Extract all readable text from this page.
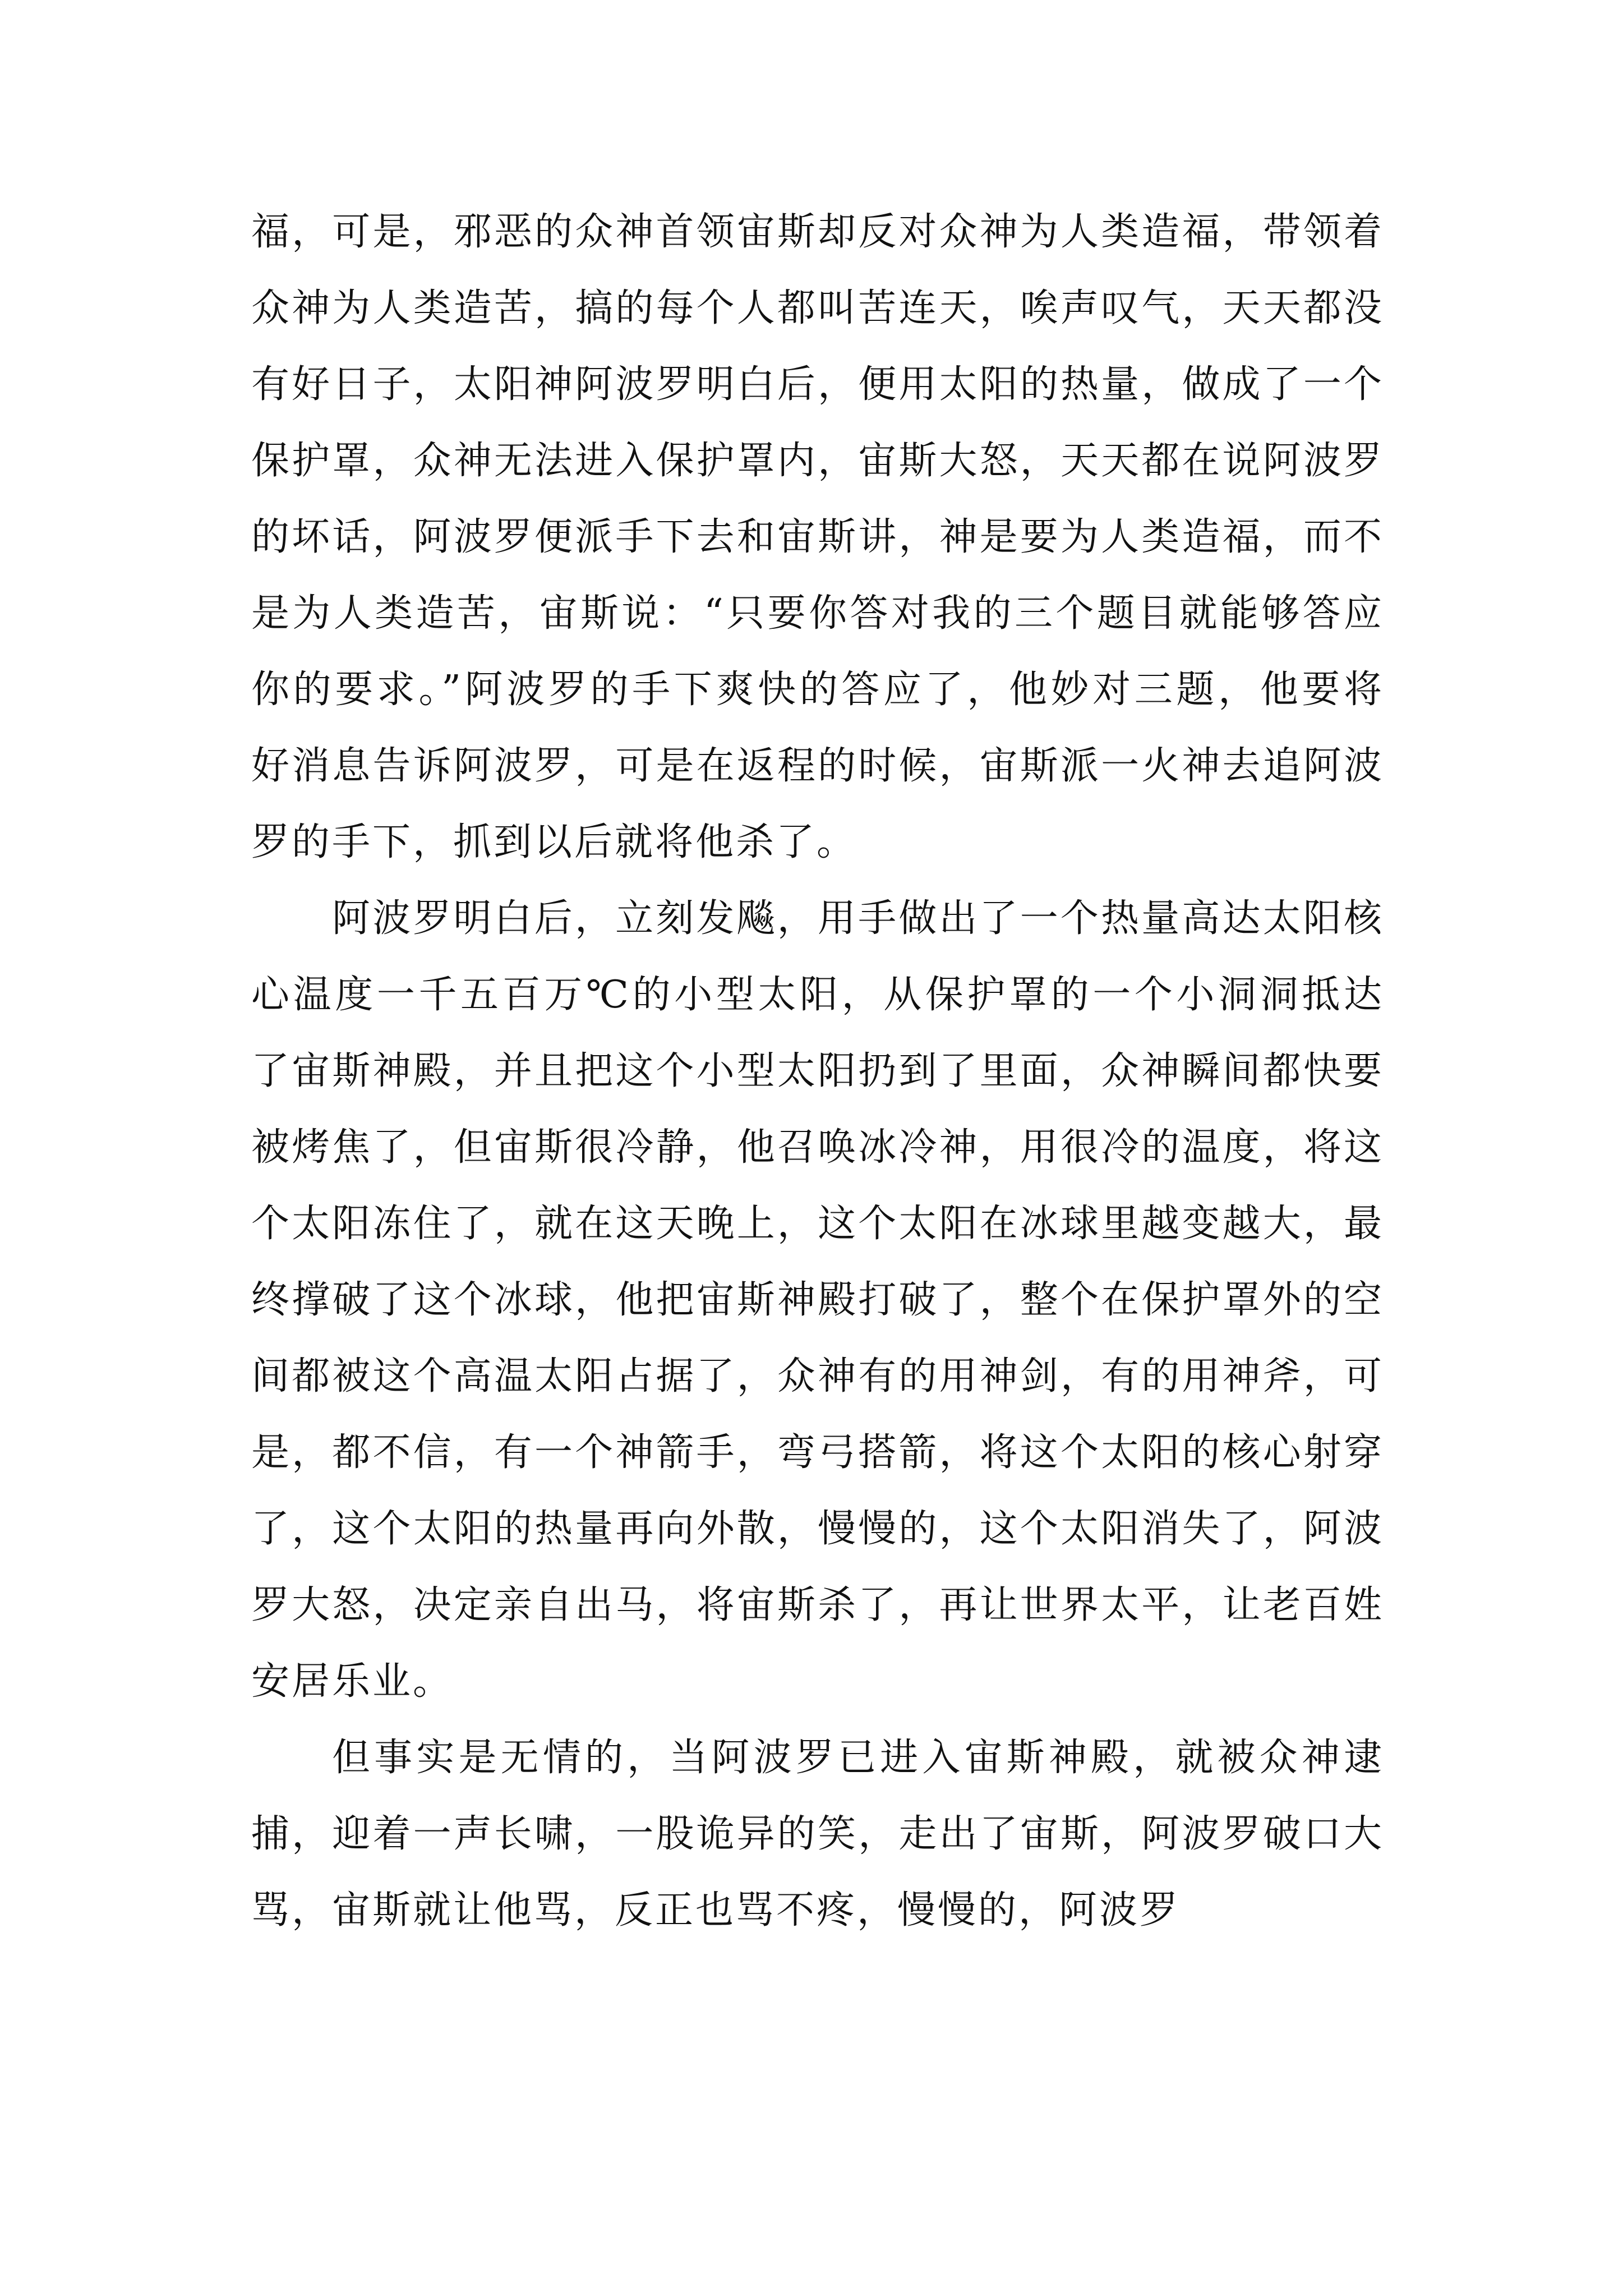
福，可是，邪恶的众神首领宙斯却反对众神为人类造福，带领着众神为人类造苦，搞的每个人都叫苦连天，唉声叹气，天天都没有好日子，太阳神阿波罗明白后，便用太阳的热量，做成了一个保护罩，众神无法进入保护罩内，宙斯大怒，天天都在说阿波罗的坏话，阿波罗便派手下去和宙斯讲，神是要为人类造福，而不是为人类造苦，宙斯说：“只要你答对我的三个题目就能够答应你的要求。”阿波罗的手下爽快的答应了，他妙对三题，他要将好消息告诉阿波罗，可是在返程的时候，宙斯派一火神去追阿波罗的手下，抓到以后就将他杀了。

阿波罗明白后，立刻发飚，用手做出了一个热量高达太阳核心温度一千五百万℃的小型太阳，从保护罩的一个小洞洞抵达了宙斯神殿，并且把这个小型太阳扔到了里面，众神瞬间都快要被烤焦了，但宙斯很冷静，他召唤冰冷神，用很冷的温度，将这个太阳冻住了，就在这天晚上，这个太阳在冰球里越变越大，最终撑破了这个冰球，他把宙斯神殿打破了，整个在保护罩外的空间都被这个高温太阳占据了，众神有的用神剑，有的用神斧，可是，都不信，有一个神箭手，弯弓搭箭，将这个太阳的核心射穿了，这个太阳的热量再向外散，慢慢的，这个太阳消失了，阿波罗大怒，决定亲自出马，将宙斯杀了，再让世界太平，让老百姓安居乐业。

但事实是无情的，当阿波罗已进入宙斯神殿，就被众神逮捕，迎着一声长啸，一股诡异的笑，走出了宙斯，阿波罗破口大骂，宙斯就让他骂，反正也骂不疼，慢慢的，阿波罗
